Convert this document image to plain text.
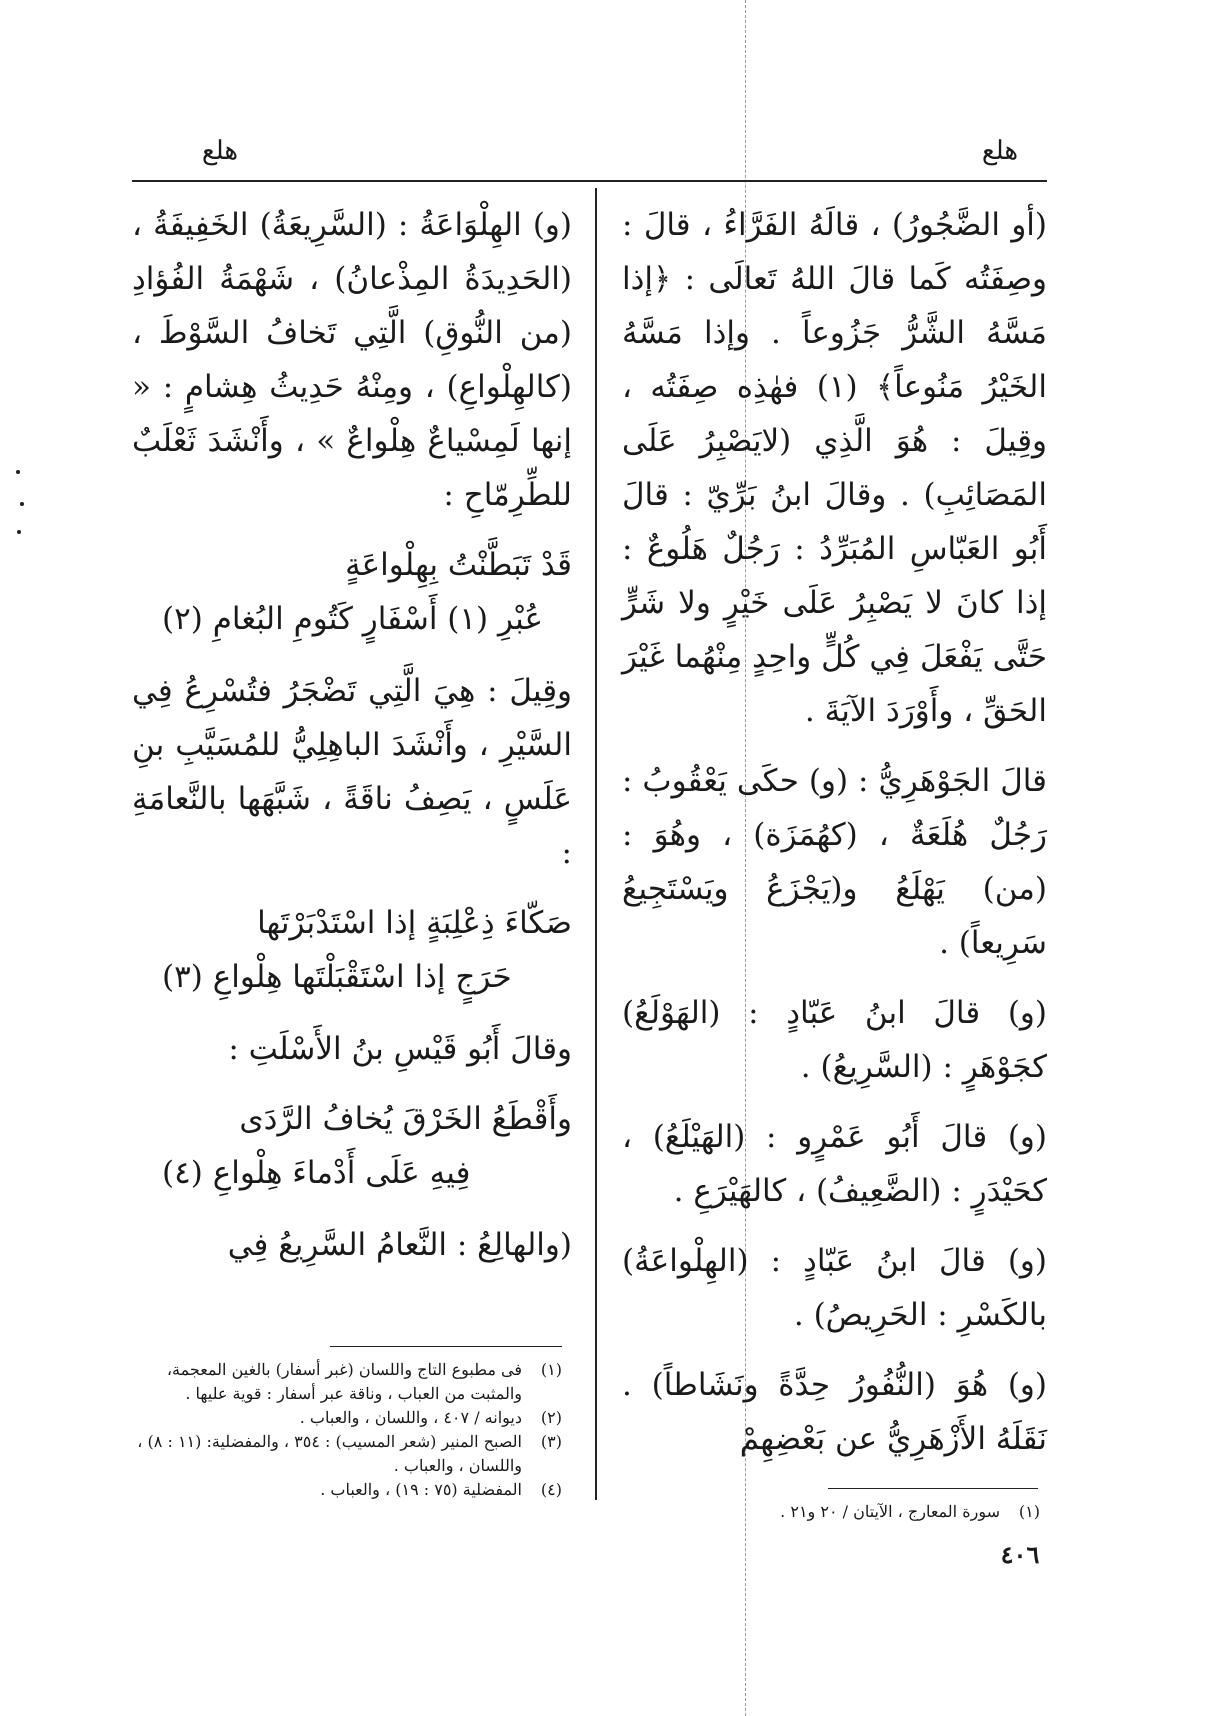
هلع
هلع

(أو الضَّجُورُ) ، قالَهُ الفَرَّاءُ ، قالَ : وصِفَتُه كَما قالَ اللهُ تَعالَى : ﴿إذا مَسَّهُ الشَّرُّ جَزُوعاً . وإذا مَسَّهُ الخَيْرُ مَنُوعاً﴾ (١) فهٰذِه صِفَتُه ، وقِيلَ : هُوَ الَّذِي (لايَصْبِرُ عَلَى المَصَائِبِ) . وقالَ ابنُ بَرِّيّ : قالَ أَبُو العَبّاسِ المُبَرِّدُ : رَجُلٌ هَلُوعٌ : إذا كانَ لا يَصْبِرُ عَلَى خَيْرٍ ولا شَرٍّ حَتَّى يَفْعَلَ فِي كُلٍّ واحِدٍ مِنْهُما غَيْرَ الحَقِّ ، وأَوْرَدَ الآيَةَ .

قالَ الجَوْهَرِيُّ : (و) حكَى يَعْقُوبُ : رَجُلٌ هُلَعَةٌ ، (كهُمَزَة) ، وهُوَ : (من) يَهْلَعُ و(يَجْزَعُ ويَسْتَجِيعُ سَرِيعاً) .

(و) قالَ ابنُ عَبّادٍ : (الهَوْلَعُ) كجَوْهَرٍ : (السَّرِيعُ) .

(و) قالَ أَبُو عَمْرٍو : (الهَيْلَعُ) ، كحَيْدَرٍ : (الضَّعِيفُ) ، كالهَيْرَعِ .

(و) قالَ ابنُ عَبّادٍ : (الهِلْواعَةُ) بالكَسْرِ : الحَرِيصُ) .

(و) هُوَ (النُّفُورُ حِدَّةً ونَشَاطاً) . نَقَلَهُ الأَزْهَرِيُّ عن بَعْضِهِمْ

(و) الهِلْوَاعَةُ : (السَّرِيعَةُ) الخَفِيفَةُ ، (الحَدِيدَةُ المِذْعانُ) ، شَهْمَةُ الفُؤادِ (من النُّوقِ) الَّتِي تَخافُ السَّوْطَ ، (كالهِلْواعِ) ، ومِنْهُ حَدِيثُ هِشامٍ : « إنها لَمِسْياعٌ هِلْواعٌ » ، وأَنْشَدَ ثَعْلَبٌ للطِّرِمّاحِ :

قَدْ تَبَطَّنْتُ بِهِلْواعَةٍ
عُبْرِ (١) أَسْفَارٍ كَتُومِ البُغامِ (٢)

وقِيلَ : هِيَ الَّتِي تَضْجَرُ فتُسْرِعُ فِي السَّيْرِ ، وأَنْشَدَ الباهِلِيُّ للمُسَيَّبِ بنِ عَلَسٍ ، يَصِفُ ناقَةً ، شَبَّهَها بالنَّعامَةِ :

صَكّاءَ ذِعْلِبَةٍ إذا اسْتَدْبَرْتَها
حَرَجٍ إذا اسْتَقْبَلْتَها هِلْواعِ (٣)

وقالَ أَبُو قَيْسِ بنُ الأَسْلَتِ :

وأَقْطَعُ الخَرْقَ يُخافُ الرَّدَى
فِيهِ عَلَى أَدْماءَ هِلْواعِ (٤)

(والهالِعُ : النَّعامُ السَّرِيعُ فِي

(١)
فى مطبوع التاج واللسان (غبر أسفار) بالغين المعجمة، والمثبت من العباب ، وناقة عبر أسفار : قوية عليها .
(٢)
ديوانه / ٤٠٧ ، واللسان ، والعباب .
(٣)
الصبح المنير (شعر المسيب) : ٣٥٤ ، والمفضلية: (١١ : ٨) ، واللسان ، والعباب .
(٤)
المفضلية (٧٥ : ١٩) ، والعباب .
(١)
سورة المعارج ، الآيتان / ٢٠ و٢١ .
٤٠٦
